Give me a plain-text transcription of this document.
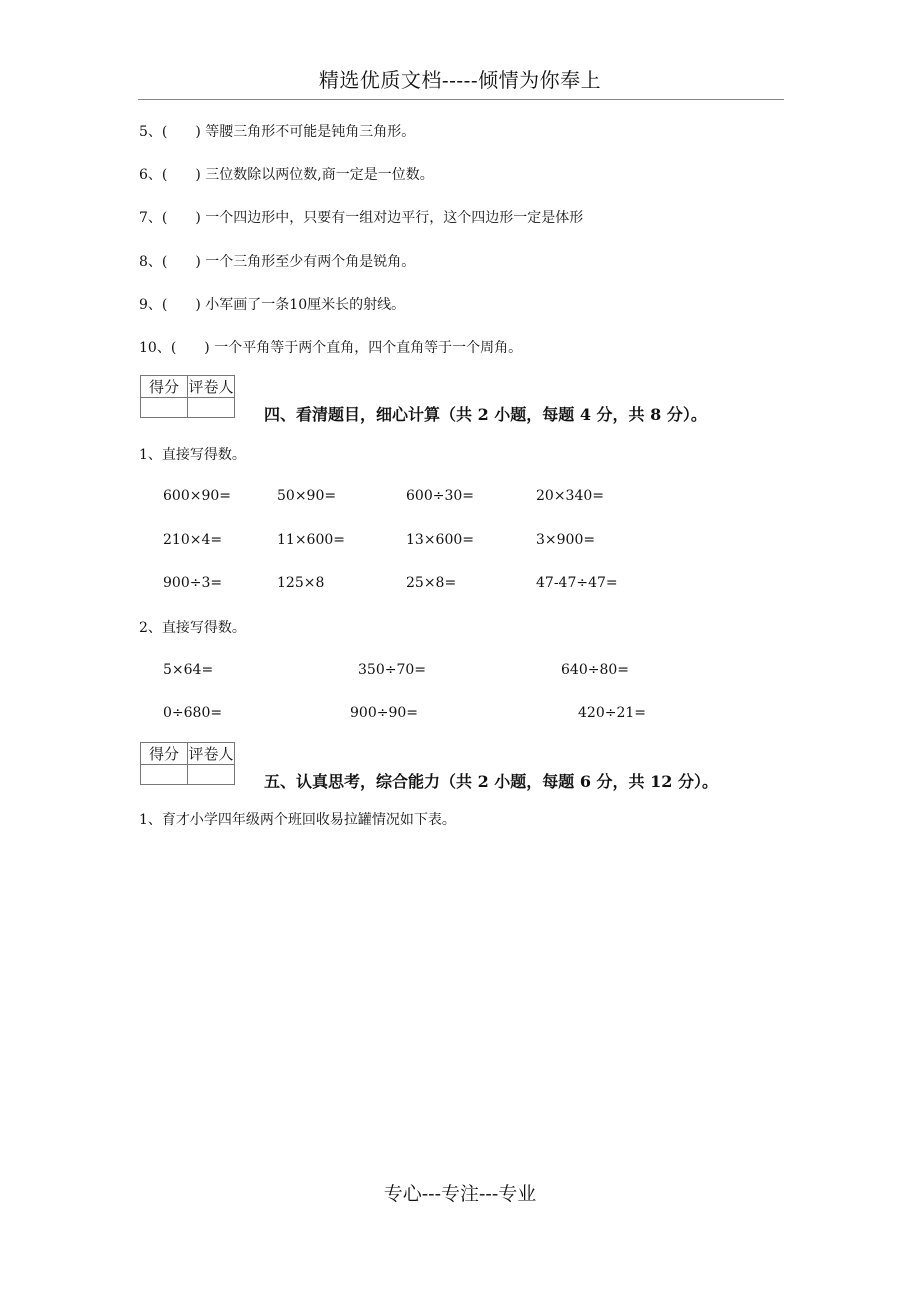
精选优质文档-----倾情为你奉上
5、(　　) 等腰三角形不可能是钝角三角形。
6、(　　) 三位数除以两位数,商一定是一位数。
7、(　　) 一个四边形中，只要有一组对边平行，这个四边形一定是体形
8、(　　) 一个三角形至少有两个角是锐角。
9、(　　) 小军画了一条10厘米长的射线。
10、(　　) 一个平角等于两个直角，四个直角等于一个周角。
得分	评卷人

四、看清题目，细心计算（共 2 小题，每题 4 分，共 8 分）。
1、直接写得数。
600×90=	50×90=	600÷30=	20×340=
210×4=	11×600=	13×600=	3×900=
900÷3=	125×8	25×8=	47-47÷47=
2、直接写得数。
5×64=	350÷70=	640÷80=
0÷680=	900÷90=	420÷21=
得分	评卷人

五、认真思考，综合能力（共 2 小题，每题 6 分，共 12 分）。
1、育才小学四年级两个班回收易拉罐情况如下表。
专心---专注---专业
